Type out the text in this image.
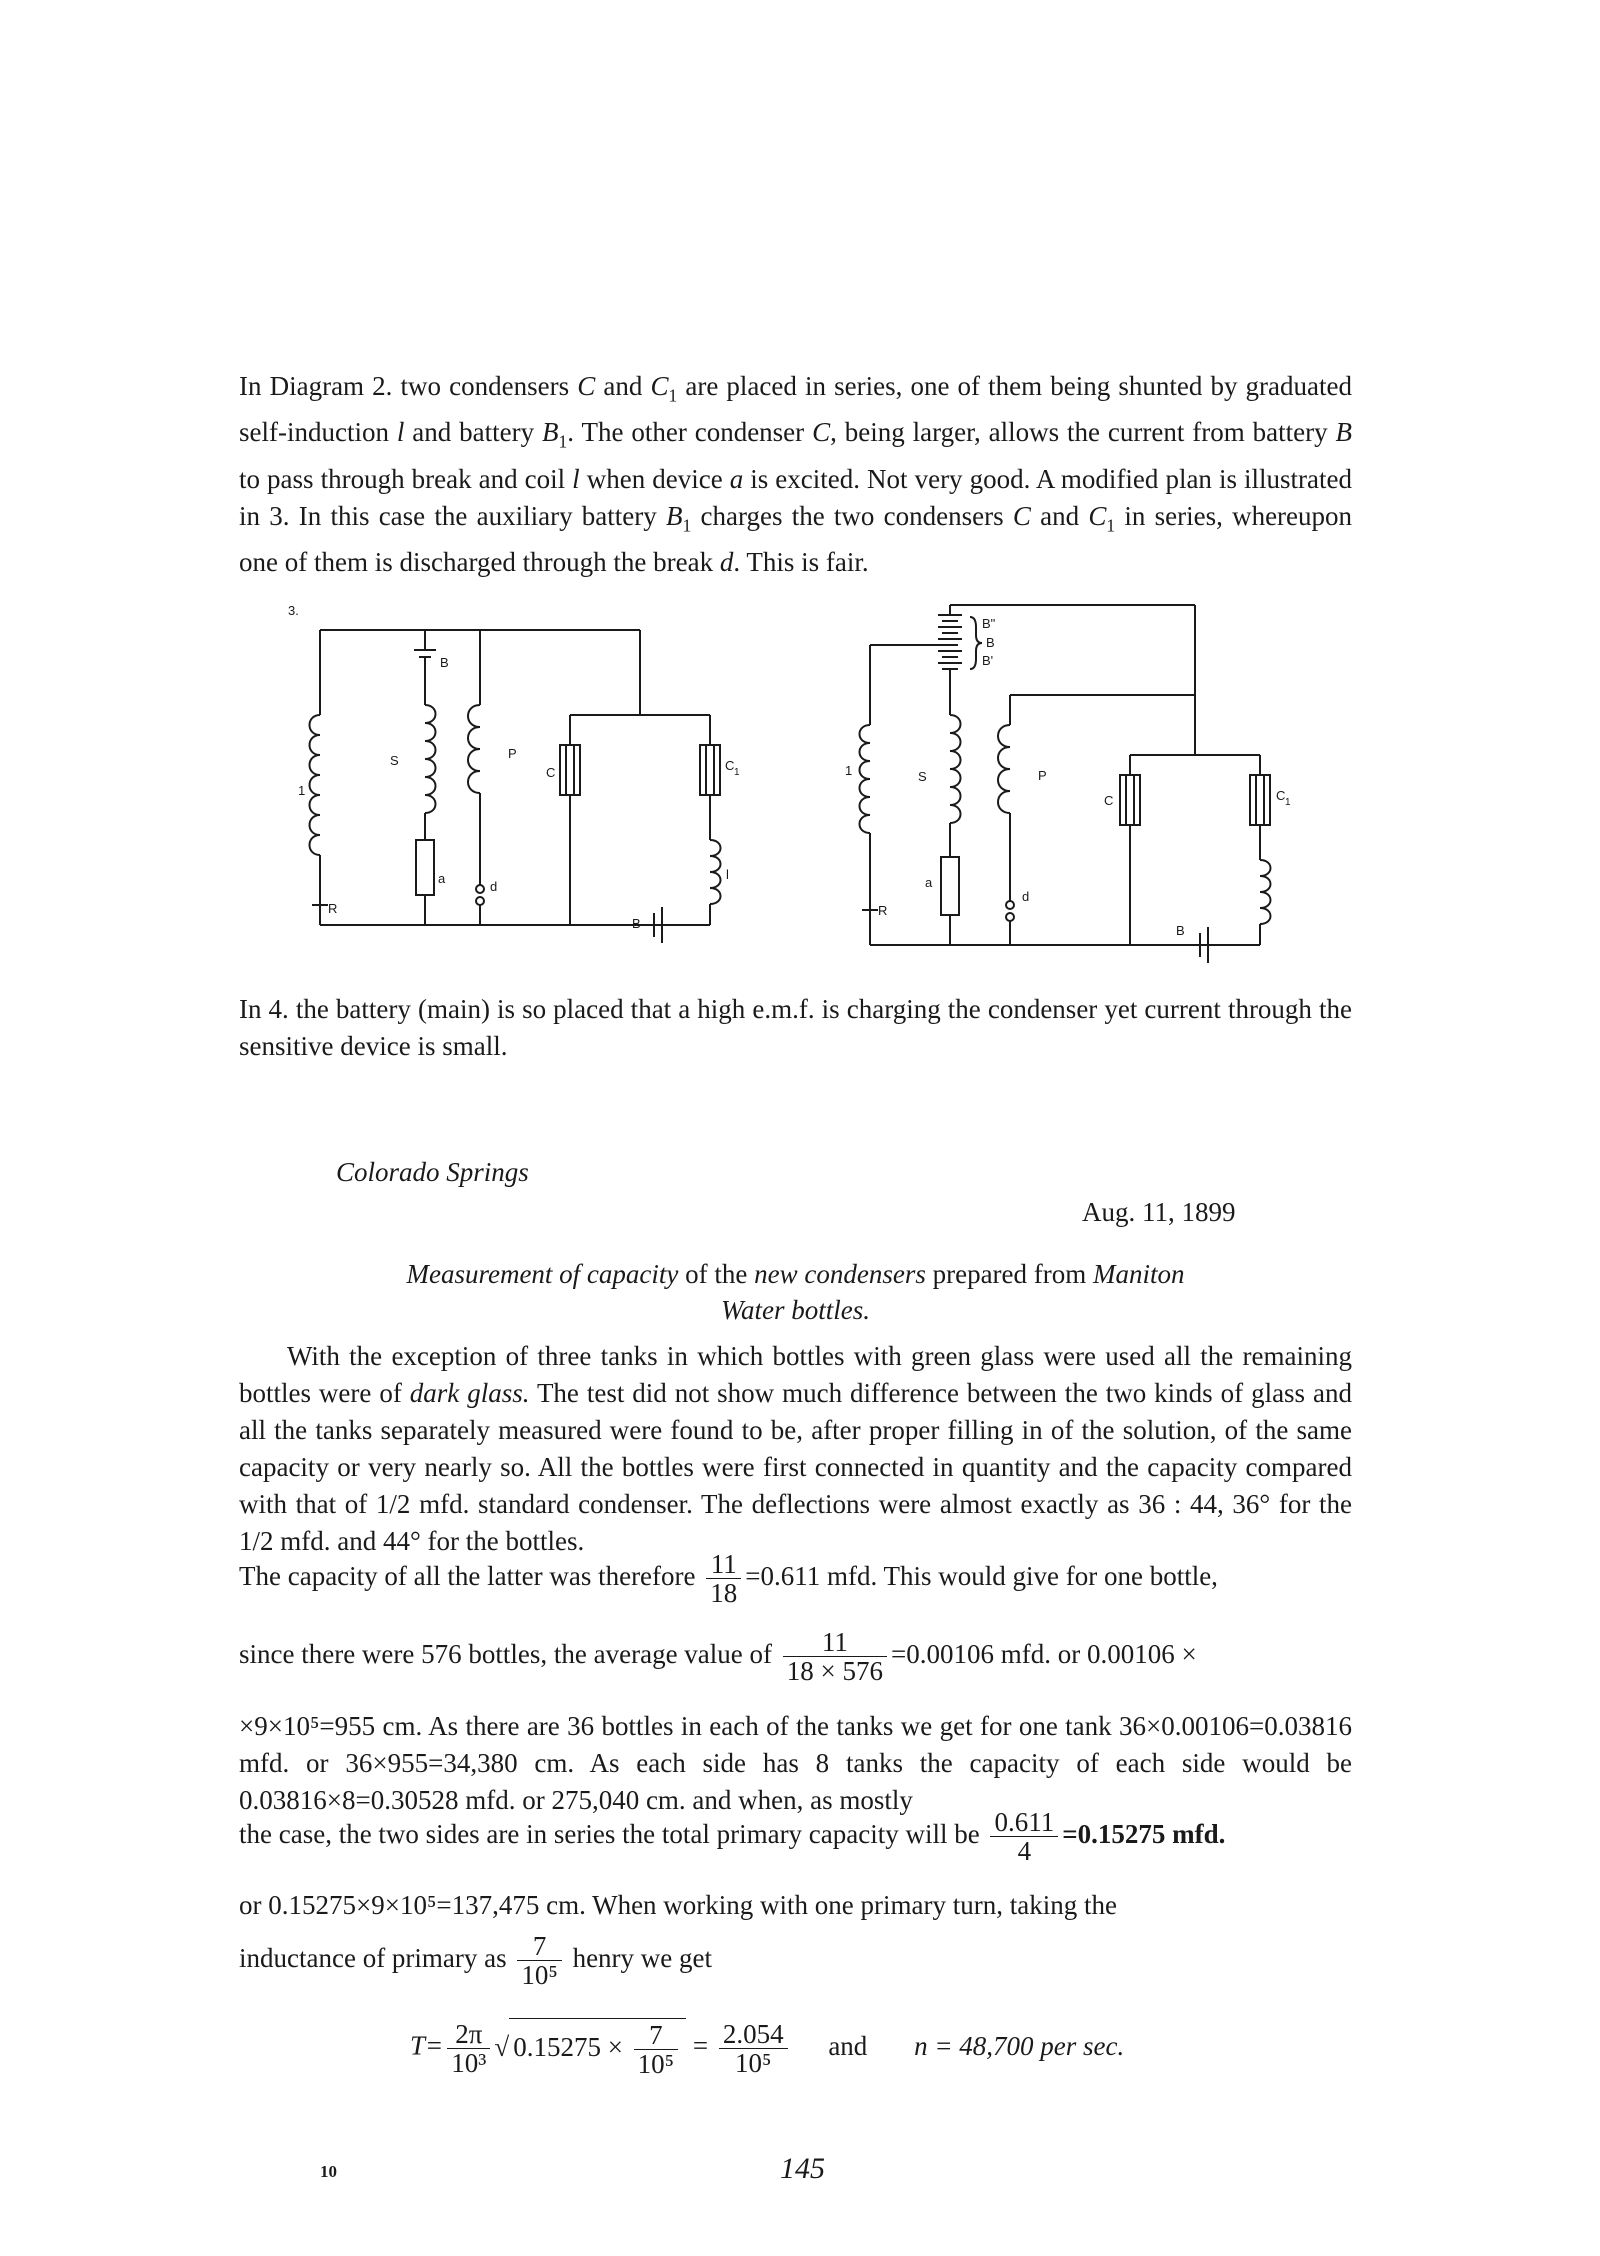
In Diagram 2. two condensers C and $C_1$ are placed in series, one of them being shunted by graduated self-induction l and battery $B_1$. The other condenser C, being larger, allows the current from battery B to pass through break and coil l when device a is excited. Not very good. A modified plan is illustrated in 3. In this case the auxiliary battery $B_1$ charges the two condensers C and $C_1$ in series, whereupon one of them is discharged through the break d. This is fair.

3.
B
S	P
C	C 1
1
l
a
d
R
B
B"
B'
B
1	S	P
C	C 1
a
d
R
B

In 4. the battery (main) is so placed that a high e.m.f. is charging the condenser yet current through the sensitive device is small.

Colorado Springs
Aug. 11, 1899
Measurement of capacity of the new condensers prepared from Maniton
Water bottles.

With the exception of three tanks in which bottles with green glass were used all the remaining bottles were of dark glass. The test did not show much difference between the two kinds of glass and all the tanks separately measured were found to be, after proper filling in of the solution, of the same capacity or very nearly so. All the bottles were first connected in quantity and the capacity compared with that of 1/2 mfd. standard condenser. The deflections were almost exactly as 36 : 44, 36° for the 1/2 mfd. and 44° for the bottles.

The capacity of all the latter was therefore $\frac{11}{18} =0.611$ mfd. This would give for one bottle,
since there were 576 bottles, the average value of $\frac{11}{18 \times 576} =0.00106$ mfd. or 0.00106 ×

×9×10⁵=955 cm. As there are 36 bottles in each of the tanks we get for one tank 36×0.00106=0.03816 mfd. or 36×955=34,380 cm. As each side has 8 tanks the capacity of each side would be 0.03816×8=0.30528 mfd. or 275,040 cm. and when, as mostly

the case, the two sides are in series the total primary capacity will be $\frac{0.611}{4} =0.15275$ mfd.

or 0.15275×9×10⁵=137,475 cm. When working with one primary turn, taking the

inductance of primary as $\frac{7}{\text{10⁵}}$ henry we get
$T= \frac{2\pi}{\text{10³}}$ √ $0.15275 \times \frac{7}{\text{10⁵}} = \frac{2.054}{\text{10⁵}}$ and n = 48,700 per sec.
10	145
